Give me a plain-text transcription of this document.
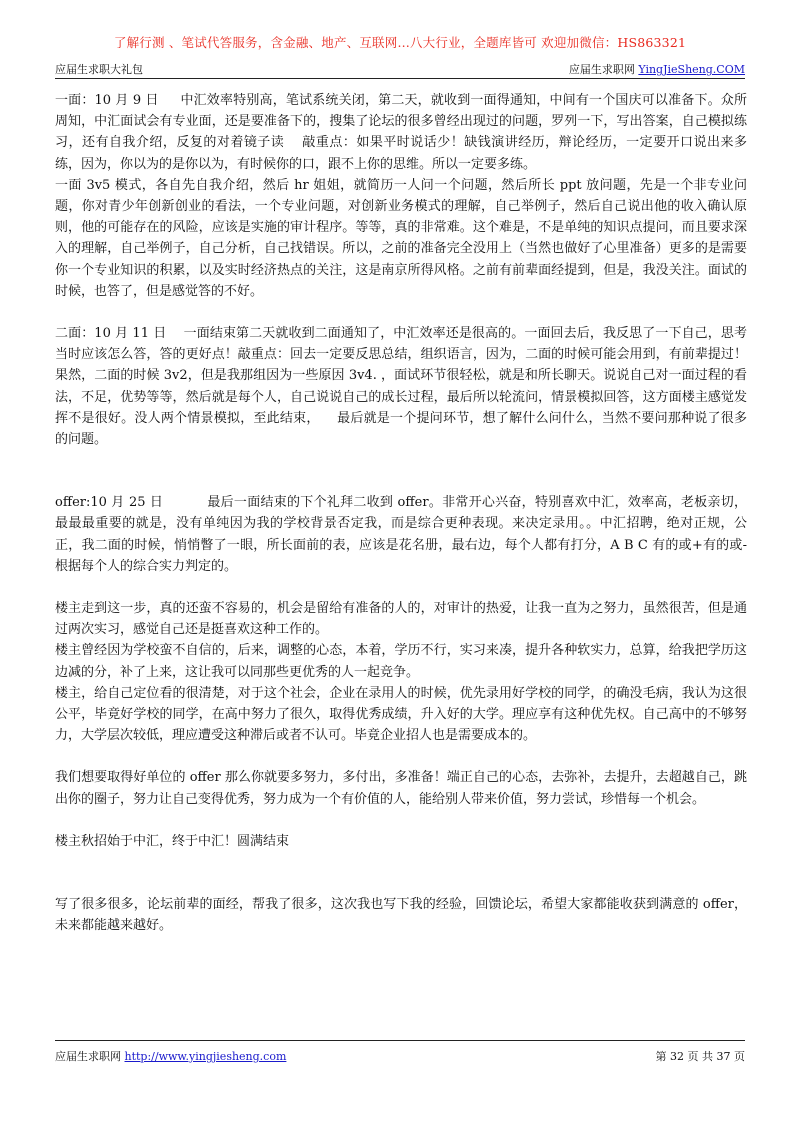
了解行测 、笔试代答服务，含金融、地产、互联网...八大行业，全题库皆可 欢迎加微信：HS863321
应届生求职大礼包	应届生求职网 YingJieSheng.COM

一面：10 月 9 日 　 中汇效率特别高，笔试系统关闭，第二天，就收到一面得通知，中间有一个国庆可以准备下。众所周知，中汇面试会有专业面，还是要准备下的，搜集了论坛的很多曾经出现过的问题，罗列一下，写出答案，自己模拟练习，还有自我介绍，反复的对着镜子读 　敲重点：如果平时说话少！缺钱演讲经历，辩论经历，一定要开口说出来多练，因为，你以为的是你以为，有时候你的口，跟不上你的思维。所以一定要多练。

一面 3v5 模式，各自先自我介绍，然后 hr 姐姐，就简历一人问一个问题，然后所长 ppt 放问题，先是一个非专业问题，你对青少年创新创业的看法，一个专业问题，对创新业务模式的理解，自己举例子，然后自己说出他的收入确认原则，他的可能存在的风险，应该是实施的审计程序。等等，真的非常难。这个难是，不是单纯的知识点提问，而且要求深入的理解，自己举例子，自己分析，自己找错误。所以，之前的准备完全没用上（当然也做好了心里准备）更多的是需要你一个专业知识的积累，以及实时经济热点的关注，这是南京所得风格。之前有前辈面经提到，但是，我没关注。面试的时候，也答了，但是感觉答的不好。

二面：10 月 11 日 　一面结束第二天就收到二面通知了，中汇效率还是很高的。一面回去后，我反思了一下自己，思考当时应该怎么答，答的更好点！敲重点：回去一定要反思总结，组织语言，因为，二面的时候可能会用到，有前辈提过！果然，二面的时候 3v2，但是我那组因为一些原因 3v4. ，面试环节很轻松，就是和所长聊天。说说自己对一面过程的看法，不足，优势等等，然后就是每个人，自己说说自己的成长过程，最后所以轮流问，情景模拟回答，这方面楼主感觉发挥不是很好。没人两个情景模拟，至此结束， 　最后就是一个提问环节，想了解什么问什么，当然不要问那种说了很多的问题。

offer:10 月 25 日 　　　最后一面结束的下个礼拜二收到 offer。非常开心兴奋，特别喜欢中汇，效率高，老板亲切，最最最重要的就是，没有单纯因为我的学校背景否定我，而是综合更种表现。来决定录用。。中汇招聘，绝对正规，公正，我二面的时候，悄悄瞥了一眼，所长面前的表，应该是花名册，最右边，每个人都有打分，A B C 有的或+有的或- 根据每个人的综合实力判定的。

楼主走到这一步，真的还蛮不容易的，机会是留给有准备的人的，对审计的热爱，让我一直为之努力，虽然很苦，但是通过两次实习，感觉自己还是挺喜欢这种工作的。

楼主曾经因为学校蛮不自信的，后来，调整的心态，本着，学历不行，实习来凑，提升各种软实力，总算，给我把学历这边减的分，补了上来，这让我可以同那些更优秀的人一起竞争。

楼主，给自己定位看的很清楚，对于这个社会，企业在录用人的时候，优先录用好学校的同学，的确没毛病，我认为这很公平，毕竟好学校的同学，在高中努力了很久，取得优秀成绩，升入好的大学。理应享有这种优先权。自己高中的不够努力，大学层次较低，理应遭受这种滞后或者不认可。毕竟企业招人也是需要成本的。

我们想要取得好单位的 offer 那么你就要多努力，多付出，多准备！端正自己的心态，去弥补，去提升，去超越自己，跳出你的圈子，努力让自己变得优秀，努力成为一个有价值的人，能给别人带来价值，努力尝试，珍惜每一个机会。

楼主秋招始于中汇，终于中汇！圆满结束

写了很多很多，论坛前辈的面经，帮我了很多，这次我也写下我的经验，回馈论坛，希望大家都能收获到满意的 offer，未来都能越来越好。

应届生求职网 http://www.yingjiesheng.com	第 32 页 共 37 页
